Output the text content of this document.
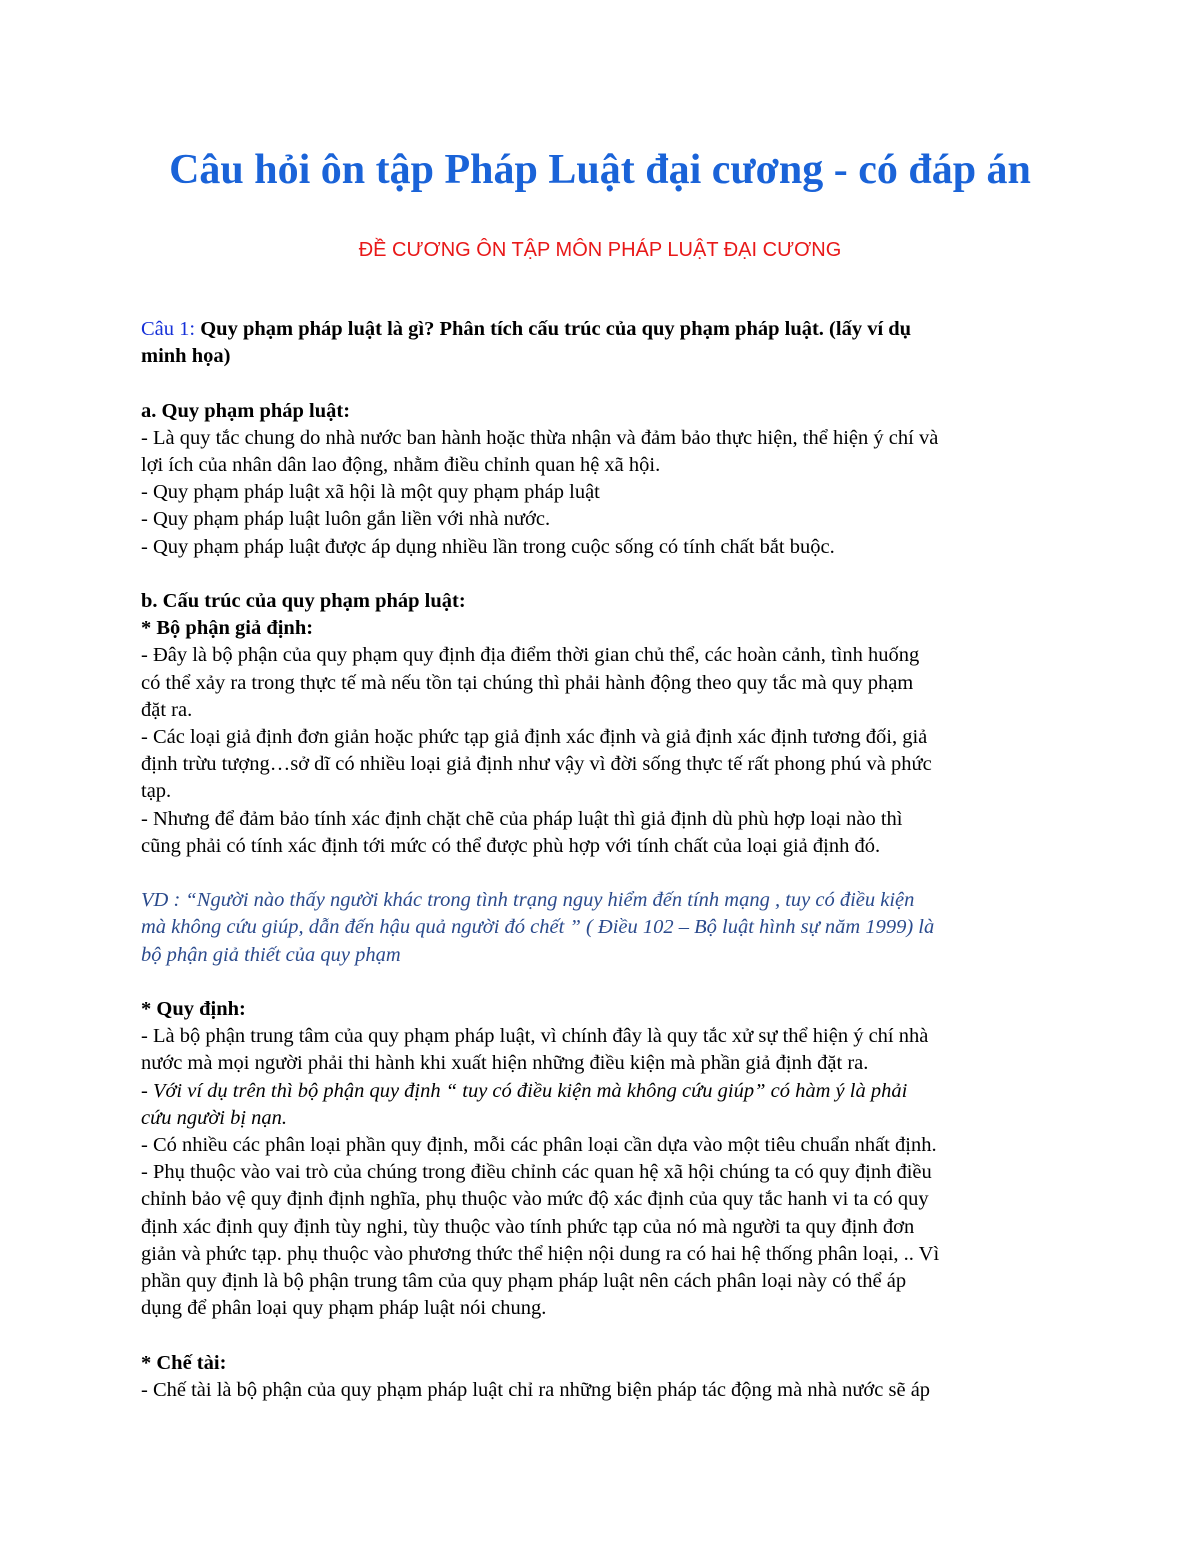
Câu hỏi ôn tập Pháp Luật đại cương - có đáp án
ĐỀ CƯƠNG ÔN TẬP MÔN PHÁP LUẬT ĐẠI CƯƠNG

Câu 1: Quy phạm pháp luật là gì? Phân tích cấu trúc của quy phạm pháp luật. (lấy ví dụ

minh họa)

a. Quy phạm pháp luật:

- Là quy tắc chung do nhà nước ban hành hoặc thừa nhận và đảm bảo thực hiện, thể hiện ý chí và

lợi ích của nhân dân lao động, nhằm điều chỉnh quan hệ xã hội.

- Quy phạm pháp luật xã hội là một quy phạm pháp luật

- Quy phạm pháp luật luôn gắn liền với nhà nước.

- Quy phạm pháp luật được áp dụng nhiều lần trong cuộc sống có tính chất bắt buộc.

b. Cấu trúc của quy phạm pháp luật:

* Bộ phận giả định:

- Đây là bộ phận của quy phạm quy định địa điểm thời gian chủ thể, các hoàn cảnh, tình huống

có thể xảy ra trong thực tế mà nếu tồn tại chúng thì phải hành động theo quy tắc mà quy phạm

đặt ra.

- Các loại giả định đơn giản hoặc phức tạp giả định xác định và giả định xác định tương đối, giả

định trừu tượng…sở dĩ có nhiều loại giả định như vậy vì đời sống thực tế rất phong phú và phức

tạp.

- Nhưng để đảm bảo tính xác định chặt chẽ của pháp luật thì giả định dù phù hợp loại nào thì

cũng phải có tính xác định tới mức có thể được phù hợp với tính chất của loại giả định đó.

VD : “Người nào thấy người khác trong tình trạng nguy hiểm đến tính mạng , tuy có điều kiện

mà không cứu giúp, dẫn đến hậu quả người đó chết ” ( Điều 102 – Bộ luật hình sự năm 1999) là

bộ phận giả thiết của quy phạm

* Quy định:

- Là bộ phận trung tâm của quy phạm pháp luật, vì chính đây là quy tắc xử sự thể hiện ý chí nhà

nước mà mọi người phải thi hành khi xuất hiện những điều kiện mà phần giả định đặt ra.

- Với ví dụ trên thì bộ phận quy định “ tuy có điều kiện mà không cứu giúp” có hàm ý là phải

cứu người bị nạn.

- Có nhiều các phân loại phần quy định, mỗi các phân loại cần dựa vào một tiêu chuẩn nhất định.

- Phụ thuộc vào vai trò của chúng trong điều chỉnh các quan hệ xã hội chúng ta có quy định điều

chỉnh bảo vệ quy định định nghĩa, phụ thuộc vào mức độ xác định của quy tắc hanh vi ta có quy

định xác định quy định tùy nghi, tùy thuộc vào tính phức tạp của nó mà người ta quy định đơn

giản và phức tạp. phụ thuộc vào phương thức thể hiện nội dung ra có hai hệ thống phân loại, .. Vì

phần quy định là bộ phận trung tâm của quy phạm pháp luật nên cách phân loại này có thể áp

dụng để phân loại quy phạm pháp luật nói chung.

* Chế tài:

- Chế tài là bộ phận của quy phạm pháp luật chỉ ra những biện pháp tác động mà nhà nước sẽ áp
